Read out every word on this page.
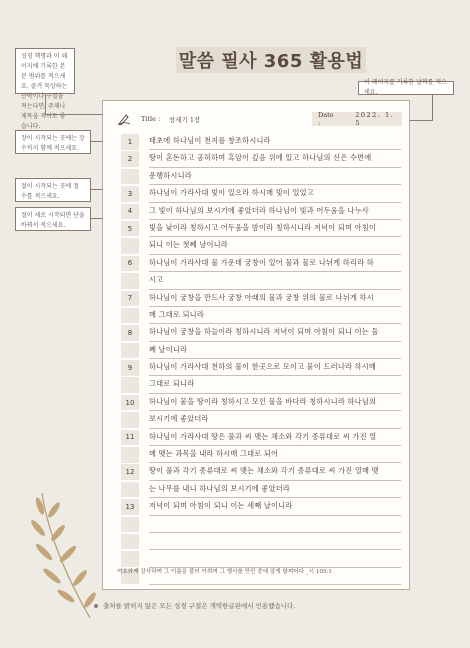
말씀 필사 365 활용법
성경 책명과 이 페이지에 기록한 본문 범위를 적으세요. 즐겨 묵상하는 단락이나 구절을 적는다면, 주제나 제목을 적어도 좋습니다.
이 페이지를 기록한 날짜를 적으세요.
장이 시작되는 곳에는 장 수까지 함께 적으세요.
절이 시작되는 곳에 절 수를 적으세요.
절이 새로 시작되면 단을 바꿔서 적으세요.
Title : 창세기 1장
Date :
2022. 1. 5
1	태초에 하나님이 천지를 창조하시니라
2	땅이 혼돈하고 공허하며 흑암이 깊음 위에 있고 하나님의 신은 수면에
운행하시니라
3	하나님이 가라사대 빛이 있으라 하시매 빛이 있었고
4	그 빛이 하나님의 보시기에 좋았더라 하나님이 빛과 어두움을 나누사
5	빛을 낮이라 칭하시고 어두움을 밤이라 칭하시니라 저녁이 되며 아침이
되니 이는 첫째 날이니라
6	하나님이 가라사대 물 가운데 궁창이 있어 물과 물로 나뉘게 하리라 하
시고
7	하나님이 궁창을 만드사 궁창 아래의 물과 궁창 위의 물로 나뉘게 하시
매 그대로 되니라
8	하나님이 궁창을 하늘이라 칭하시니라 저녁이 되며 아침이 되니 이는 둘
째 날이니라
9	하나님이 가라사대 천하의 물이 한곳으로 모이고 뭍이 드러나라 하시매
그대로 되니라
10	하나님이 뭍을 땅이라 칭하시고 모인 물을 바다라 칭하시니라 하나님의
보시기에 좋았더라
11	하나님이 가라사대 땅은 풀과 씨 맺는 채소와 각기 종류대로 씨 가진 열
매 맺는 과목을 내라 하시매 그대로 되어
12	땅이 풀과 각기 종류대로 씨 맺는 채소와 각기 종류대로 씨 가진 열매 맺
는 나무를 내니 하나님의 보시기에 좋았더라
13	저녁이 되며 아침이 되니 이는 세째 날이니라
여호와께 감사하며 그 이름을 불러 아뢰며 그 행사를 만민 중에 알게 할찌어다 _시 105:1
출처를 밝히지 않은 모든 성경 구절은 개역한글판에서 인용했습니다.
